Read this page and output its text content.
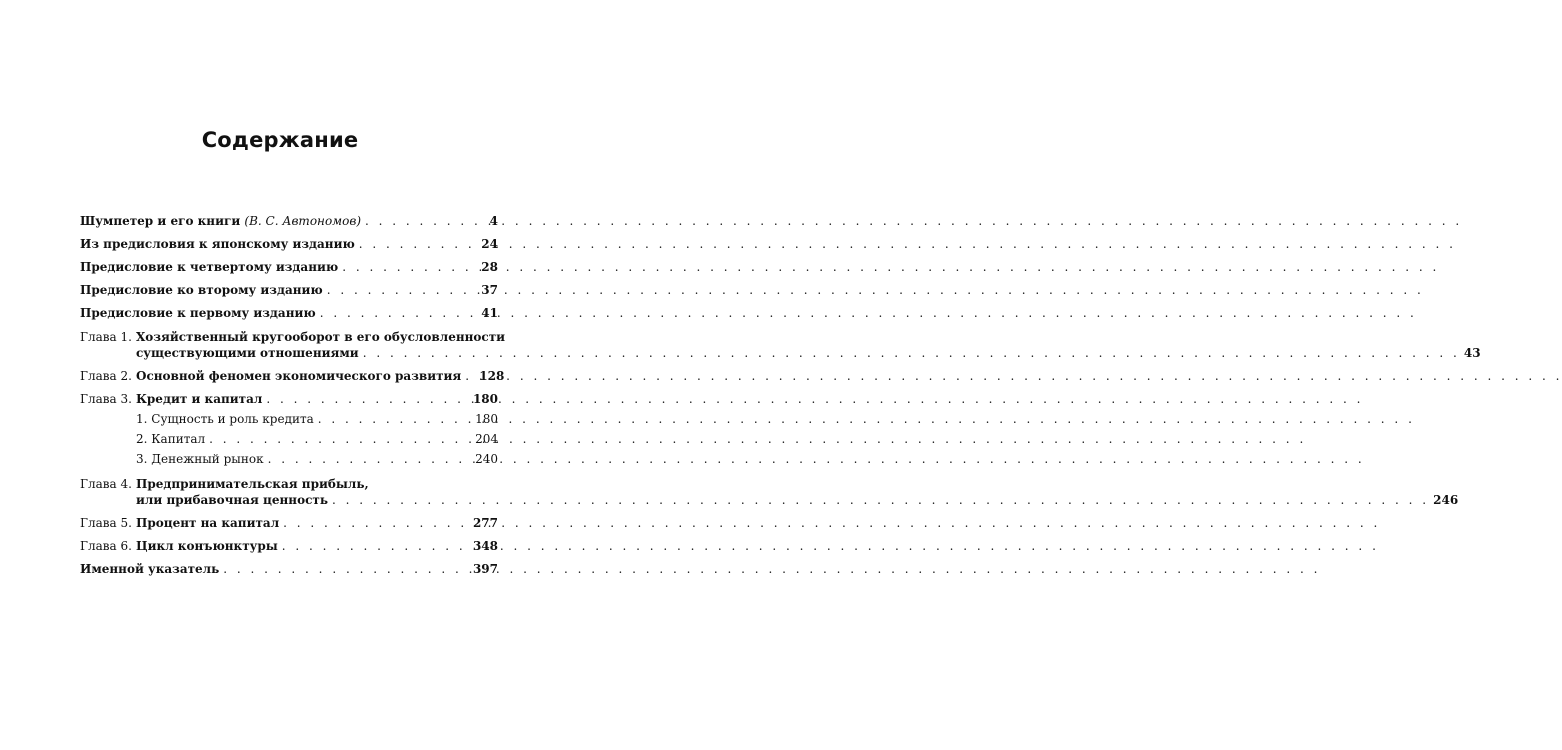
Содержание
Шумпетер и его книги (В. С. Автономов) . . .	4
Из предисловия к японскому изданию . . .	24
Предисловие к четвертому изданию . . .	28
Предисловие ко второму изданию . . .	37
Предисловие к первому изданию . . .	41
Глава 1. Хозяйственный кругооборот в его обусловленности
существующими отношениями . . .	43
Глава 2. Основной феномен экономического развития . . . 128
Глава 3. Кредит и капитал . . .	180
1. Сущность и роль кредита . . .	180
2. Капитал . . .	204
3. Денежный рынок . . .	240
Глава 4. Предпринимательская прибыль,
или прибавочная ценность . . .	246
Глава 5. Процент на капитал . . .	277
Глава 6. Цикл конъюнктуры . . .	348
Именной указатель . . .	397
